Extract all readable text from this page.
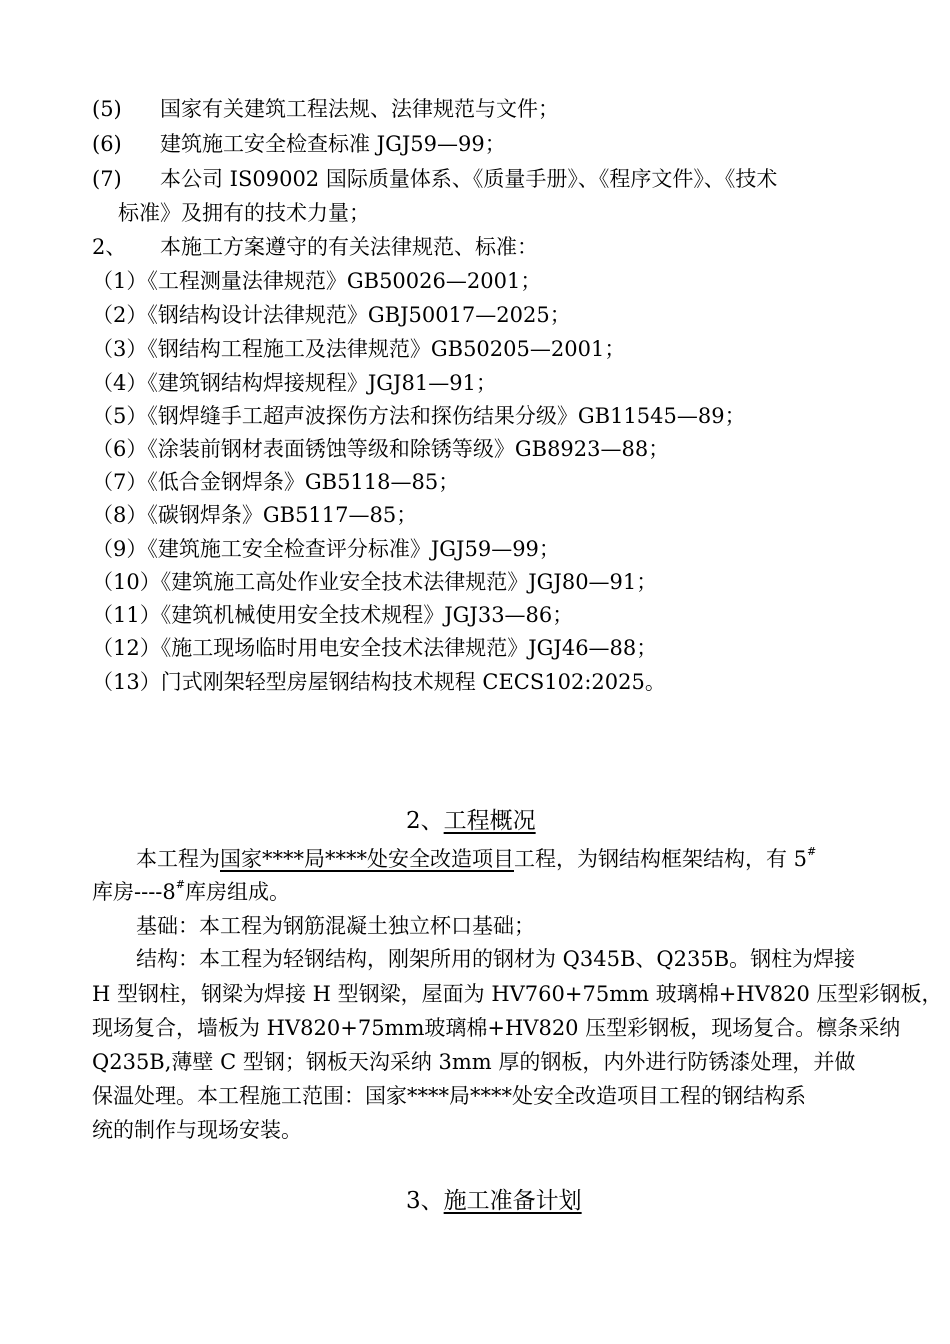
(5) 国家有关建筑工程法规、法律规范与文件；
(6) 建筑施工安全检查标准 JGJ59—99；
(7) 本公司 IS09002 国际质量体系、《质量手册》、《程序文件》、《技术
标准》及拥有的技术力量；
2、 本施工方案遵守的有关法律规范、标准：
（1）《工程测量法律规范》GB50026—2001；
（2）《钢结构设计法律规范》GBJ50017—2025；
（3）《钢结构工程施工及法律规范》GB50205—2001；
（4）《建筑钢结构焊接规程》JGJ81—91；
（5）《钢焊缝手工超声波探伤方法和探伤结果分级》GB11545—89；
（6）《涂装前钢材表面锈蚀等级和除锈等级》GB8923—88；
（7）《低合金钢焊条》GB5118—85；
（8）《碳钢焊条》GB5117—85；
（9）《建筑施工安全检查评分标准》JGJ59—99；
（10）《建筑施工高处作业安全技术法律规范》JGJ80—91；
（11）《建筑机械使用安全技术规程》JGJ33—86；
（12）《施工现场临时用电安全技术法律规范》JGJ46—88；
（13）门式刚架轻型房屋钢结构技术规程 CECS102:2025。
2、工程概况
本工程为国家****局****处安全改造项目工程，为钢结构框架结构，有 5#
库房----8#库房组成。
基础：本工程为钢筋混凝土独立杯口基础；
结构：本工程为轻钢结构，刚架所用的钢材为 Q345B、Q235B。钢柱为焊接
H 型钢柱，钢梁为焊接 H 型钢梁，屋面为 HV760+75mm 玻璃棉+HV820 压型彩钢板，
现场复合，墙板为 HV820+75mm玻璃棉+HV820 压型彩钢板，现场复合。檩条采纳
Q235B,薄壁 C 型钢；钢板天沟采纳 3mm 厚的钢板，内外进行防锈漆处理，并做
保温处理。本工程施工范围：国家****局****处安全改造项目工程的钢结构系
统的制作与现场安装。
3、施工准备计划
